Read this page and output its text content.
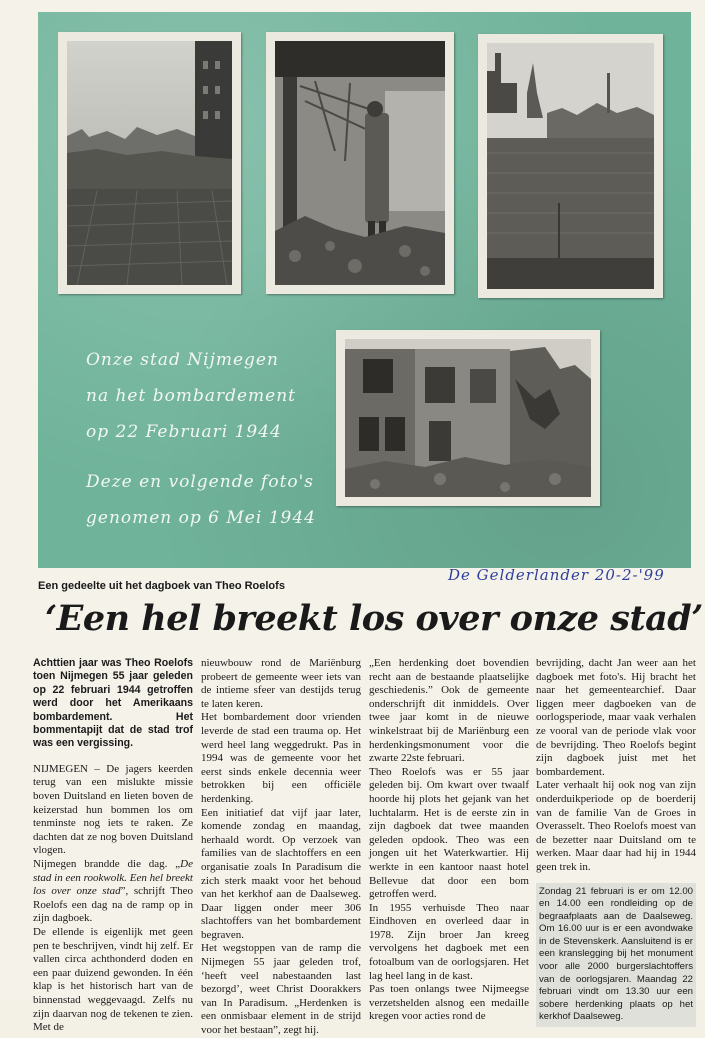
Onze stad Nijmegen
na het bombardement
op 22 Februari 1944
Deze en volgende foto's
genomen op 6 Mei 1944
De Gelderlander 20-2-'99
Een gedeelte uit het dagboek van Theo Roelofs
‘Een hel breekt los over onze stad’

Achttien jaar was Theo Roelofs toen Nijmegen 55 jaar geleden op 22 februari 1944 getroffen werd door het Amerikaans bombardement. Het bommentapijt dat de stad trof was een vergissing.

NIJMEGEN – De jagers keerden terug van een mislukte missie boven Duitsland en lieten boven de keizerstad hun bommen los om tenminste nog iets te raken. Ze dachten dat ze nog boven Duitsland vlogen.

Nijmegen brandde die dag. „De stad in een rookwolk. Een hel breekt los over onze stad”, schrijft Theo Roelofs een dag na de ramp op in zijn dagboek.

De ellende is eigenlijk met geen pen te beschrijven, vindt hij zelf. Er vallen circa achthonderd doden en een paar duizend gewonden. In één klap is het historisch hart van de binnenstad weggevaagd. Zelfs nu zijn daarvan nog de tekenen te zien. Met de

nieuwbouw rond de Mariënburg probeert de gemeente weer iets van de intieme sfeer van destijds terug te laten keren.

Het bombardement door vrienden leverde de stad een trauma op. Het werd heel lang weggedrukt. Pas in 1994 was de gemeente voor het eerst sinds enkele decennia weer betrokken bij een officiële herdenking.

Een initiatief dat vijf jaar later, komende zondag en maandag, herhaald wordt. Op verzoek van families van de slachtoffers en een organisatie zoals In Paradisum die zich sterk maakt voor het behoud van het kerkhof aan de Daalseweg. Daar liggen onder meer 306 slachtoffers van het bombardement begraven.

Het wegstoppen van de ramp die Nijmegen 55 jaar geleden trof, ‘heeft veel nabestaanden last bezorgd’, weet Christ Doorakkers van In Paradisum. „Herdenken is een onmisbaar element in de strijd voor het bestaan”, zegt hij.

„Een herdenking doet bovendien recht aan de bestaande plaatselijke geschiedenis.” Ook de gemeente onderschrijft dit inmiddels. Over twee jaar komt in de nieuwe winkelstraat bij de Mariënburg een herdenkingsmonument voor die zwarte 22ste februari.

Theo Roelofs was er 55 jaar geleden bij. Om kwart over twaalf hoorde hij plots het gejank van het luchtalarm. Het is de eerste zin in zijn dagboek dat twee maanden geleden opdook. Theo was een jongen uit het Waterkwartier. Hij werkte in een kantoor naast hotel Bellevue dat door een bom getroffen werd.

In 1955 verhuisde Theo naar Eindhoven en overleed daar in 1978. Zijn broer Jan kreeg vervolgens het dagboek met een fotoalbum van de oorlogsjaren. Het lag heel lang in de kast.

Pas toen onlangs twee Nijmeegse verzetshelden alsnog een medaille kregen voor acties rond de

bevrijding, dacht Jan weer aan het dagboek met foto's. Hij bracht het naar het gemeentearchief. Daar liggen meer dagboeken van de oorlogsperiode, maar vaak verhalen ze vooral van de periode vlak voor de bevrijding. Theo Roelofs begint zijn dagboek juist met het bombardement.

Later verhaalt hij ook nog van zijn onderduikperiode op de boerderij van de familie Van de Groes in Overasselt. Theo Roelofs moest van de bezetter naar Duitsland om te werken. Maar daar had hij in 1944 geen trek in.

Zondag 21 februari is er om 12.00 en 14.00 een rondleiding op de begraafplaats aan de Daalseweg. Om 16.00 uur is er een avondwake in de Stevenskerk. Aansluitend is er een kranslegging bij het monument voor alle 2000 burgerslachtoffers van de oorlogsjaren. Maandag 22 februari vindt om 13.30 uur een sobere herdenking plaats op het kerkhof Daalseweg.
